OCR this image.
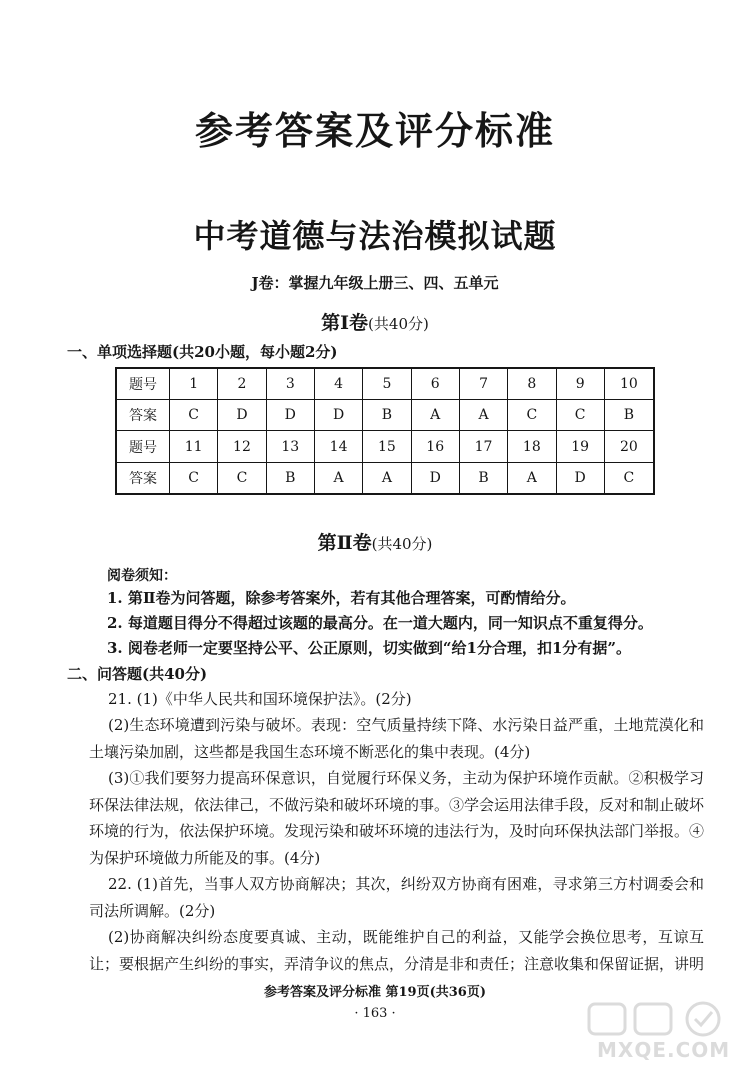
参考答案及评分标准
中考道德与法治模拟试题
J卷：掌握九年级上册三、四、五单元
第Ⅰ卷(共40分)
一、单项选择题(共20小题，每小题2分)
题号	1	2	3	4	5	6	7	8	9	10
答案	C	D	D	D	B	A	A	C	C	B
题号	11	12	13	14	15	16	17	18	19	20
答案	C	C	B	A	A	D	B	A	D	C
第Ⅱ卷(共40分)
阅卷须知：
1. 第Ⅱ卷为问答题，除参考答案外，若有其他合理答案，可酌情给分。
2. 每道题目得分不得超过该题的最高分。在一道大题内，同一知识点不重复得分。
3. 阅卷老师一定要坚持公平、公正原则，切实做到“给1分合理，扣1分有据”。
二、问答题(共40分)
21. (1)《中华人民共和国环境保护法》。(2分)
(2)生态环境遭到污染与破坏。表现：空气质量持续下降、水污染日益严重，土地荒漠化和土壤污染加剧，这些都是我国生态环境不断恶化的集中表现。(4分)
(3)①我们要努力提高环保意识，自觉履行环保义务，主动为保护环境作贡献。②积极学习环保法律法规，依法律己，不做污染和破坏环境的事。③学会运用法律手段，反对和制止破坏环境的行为，依法保护环境。发现污染和破坏环境的违法行为，及时向环保执法部门举报。④为保护环境做力所能及的事。(4分)
22. (1)首先，当事人双方协商解决；其次，纠纷双方协商有困难，寻求第三方村调委会和司法所调解。(2分)
(2)协商解决纠纷态度要真诚、主动，既能维护自己的利益，又能学会换位思考，互谅互让；要根据产生纠纷的事实，弄清争议的焦点，分清是非和责任；注意收集和保留证据，讲明
参考答案及评分标准 第19页(共36页)
· 163 ·
MXQE.COM
